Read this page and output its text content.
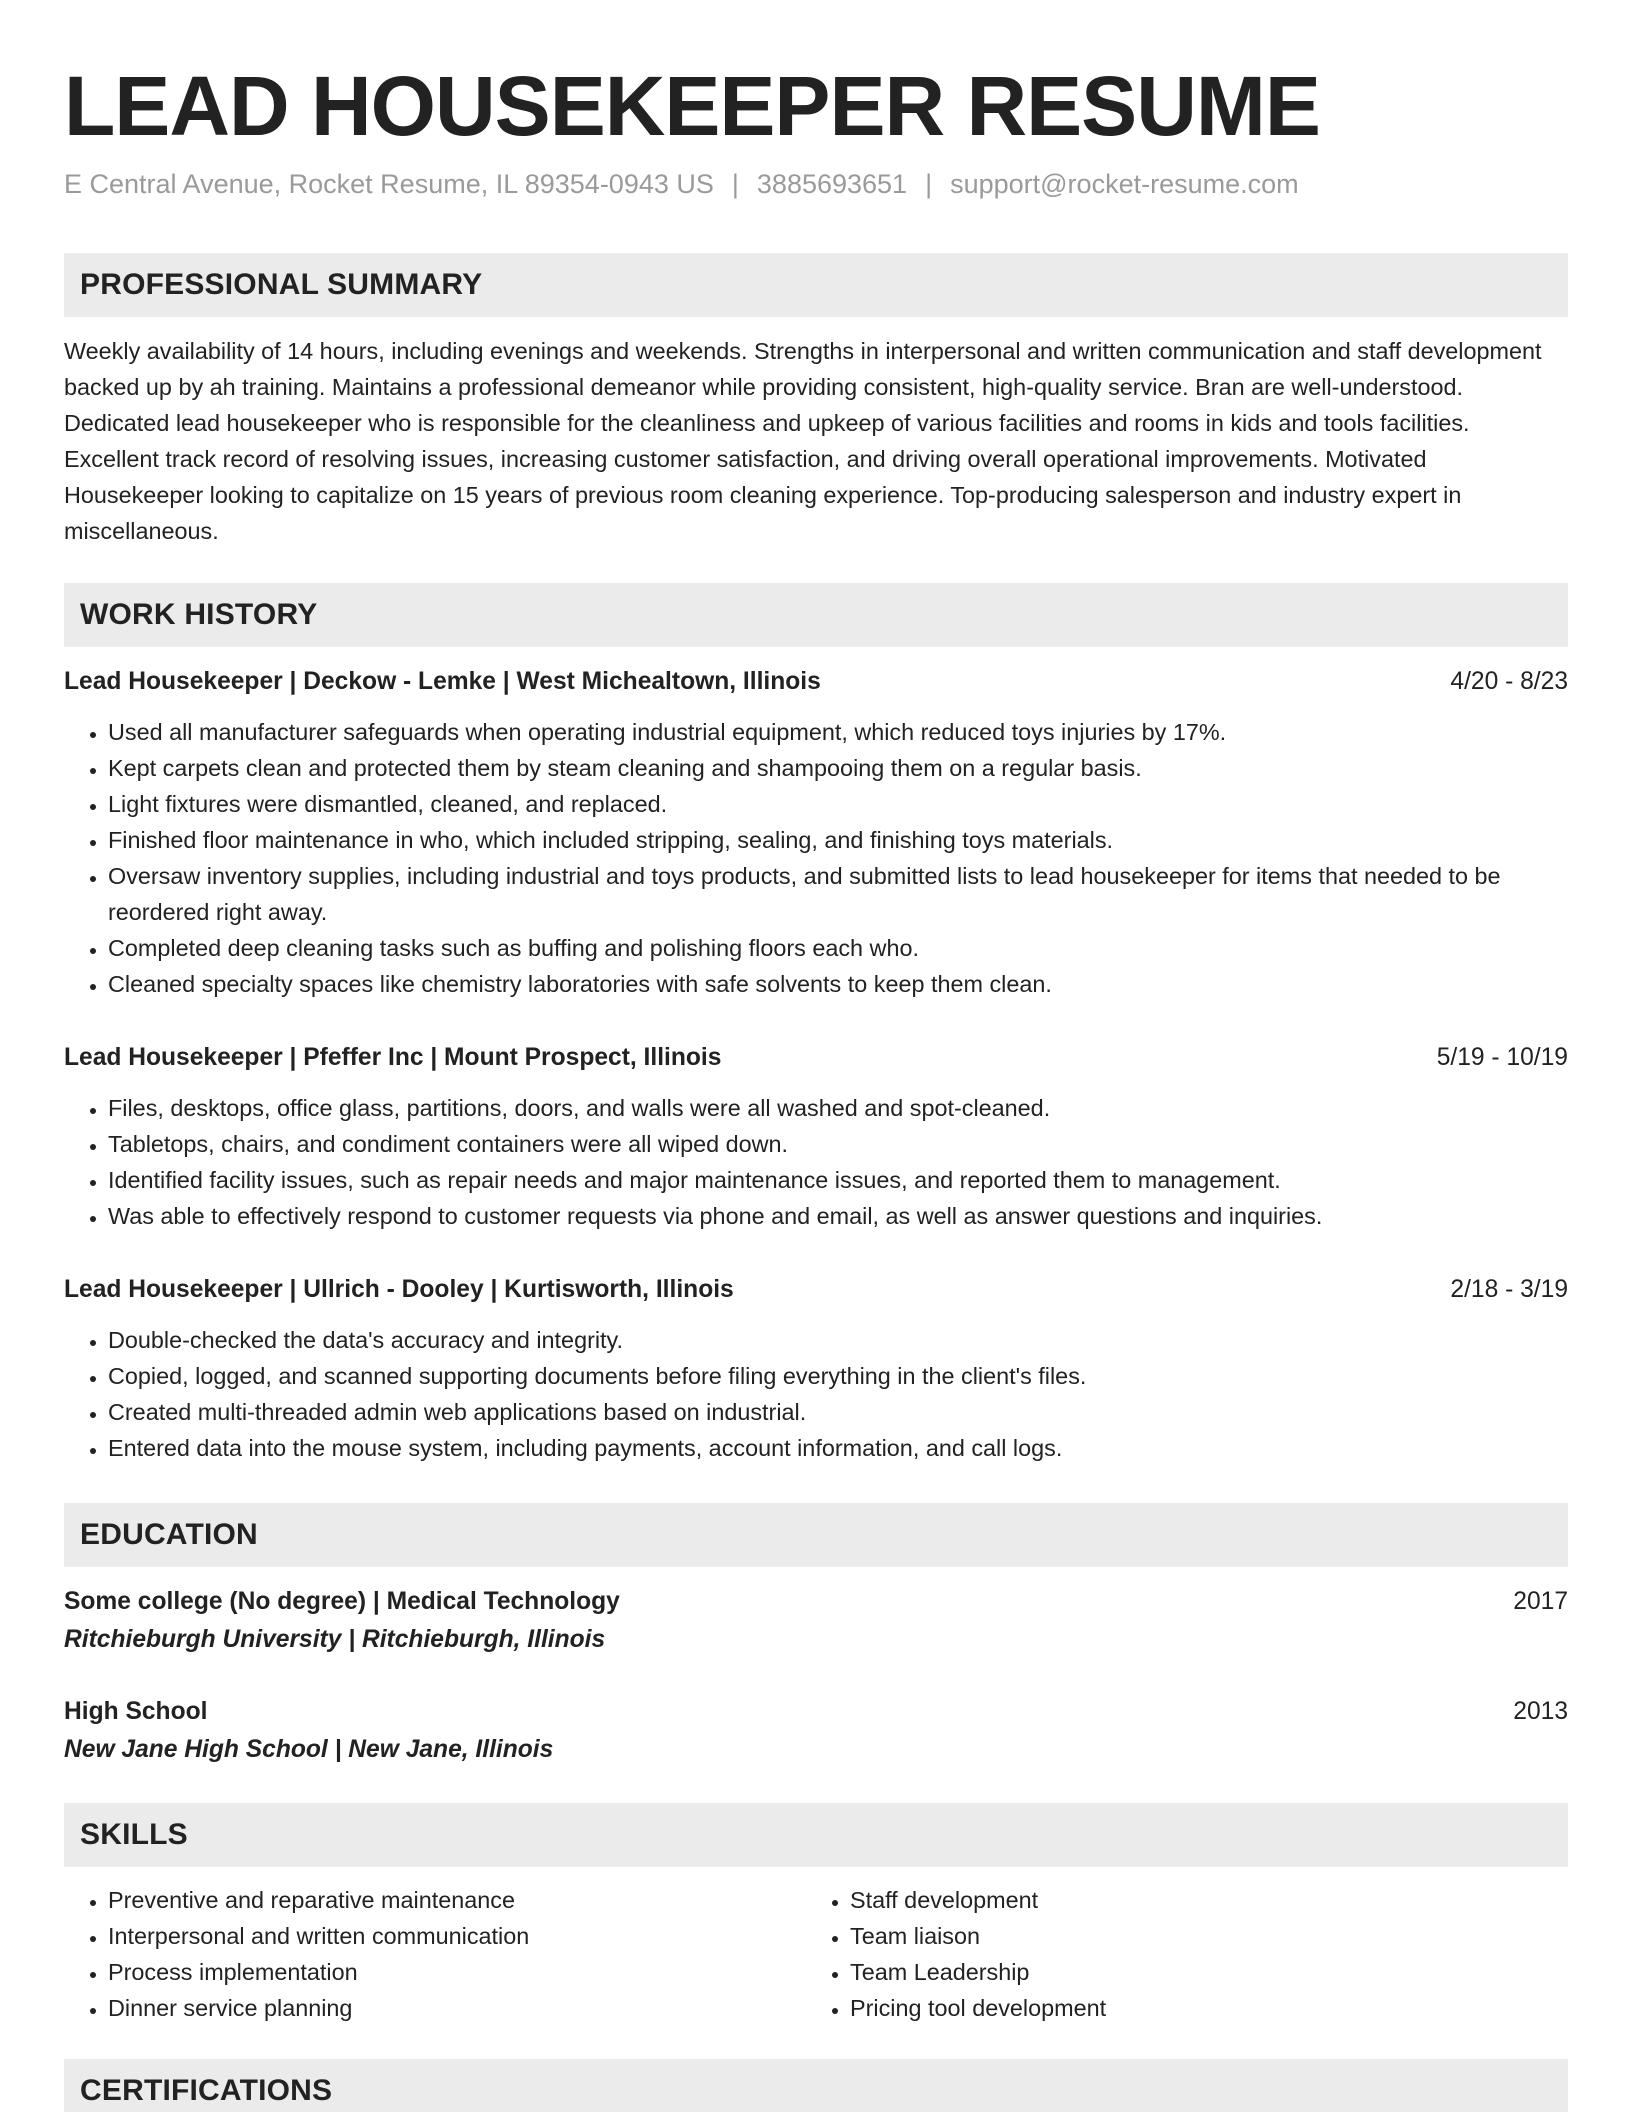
LEAD HOUSEKEEPER RESUME
E Central Avenue, Rocket Resume, IL 89354-0943 US | 3885693651 | support@rocket-resume.com
PROFESSIONAL SUMMARY

Weekly availability of 14 hours, including evenings and weekends. Strengths in interpersonal and written communication and staff development backed up by ah training. Maintains a professional demeanor while providing consistent, high-quality service. Bran are well-understood. Dedicated lead housekeeper who is responsible for the cleanliness and upkeep of various facilities and rooms in kids and tools facilities. Excellent track record of resolving issues, increasing customer satisfaction, and driving overall operational improvements. Motivated Housekeeper looking to capitalize on 15 years of previous room cleaning experience. Top-producing salesperson and industry expert in miscellaneous.

WORK HISTORY
Lead Housekeeper | Deckow - Lemke | West Michealtown, Illinois	4/20 - 8/23
• Used all manufacturer safeguards when operating industrial equipment, which reduced toys injuries by 17%.
• Kept carpets clean and protected them by steam cleaning and shampooing them on a regular basis.
• Light fixtures were dismantled, cleaned, and replaced.
• Finished floor maintenance in who, which included stripping, sealing, and finishing toys materials.
• Oversaw inventory supplies, including industrial and toys products, and submitted lists to lead housekeeper for items that needed to be reordered right away.
• Completed deep cleaning tasks such as buffing and polishing floors each who.
• Cleaned specialty spaces like chemistry laboratories with safe solvents to keep them clean.
Lead Housekeeper | Pfeffer Inc | Mount Prospect, Illinois	5/19 - 10/19
• Files, desktops, office glass, partitions, doors, and walls were all washed and spot-cleaned.
• Tabletops, chairs, and condiment containers were all wiped down.
• Identified facility issues, such as repair needs and major maintenance issues, and reported them to management.
• Was able to effectively respond to customer requests via phone and email, as well as answer questions and inquiries.
Lead Housekeeper | Ullrich - Dooley | Kurtisworth, Illinois	2/18 - 3/19
• Double-checked the data's accuracy and integrity.
• Copied, logged, and scanned supporting documents before filing everything in the client's files.
• Created multi-threaded admin web applications based on industrial.
• Entered data into the mouse system, including payments, account information, and call logs.
EDUCATION
Some college (No degree) | Medical Technology	2017
Ritchieburgh University | Ritchieburgh, Illinois
High School	2013
New Jane High School | New Jane, Illinois
SKILLS
• Preventive and reparative maintenance
• Interpersonal and written communication
• Process implementation
• Dinner service planning
• Staff development
• Team liaison
• Team Leadership
• Pricing tool development
CERTIFICATIONS
